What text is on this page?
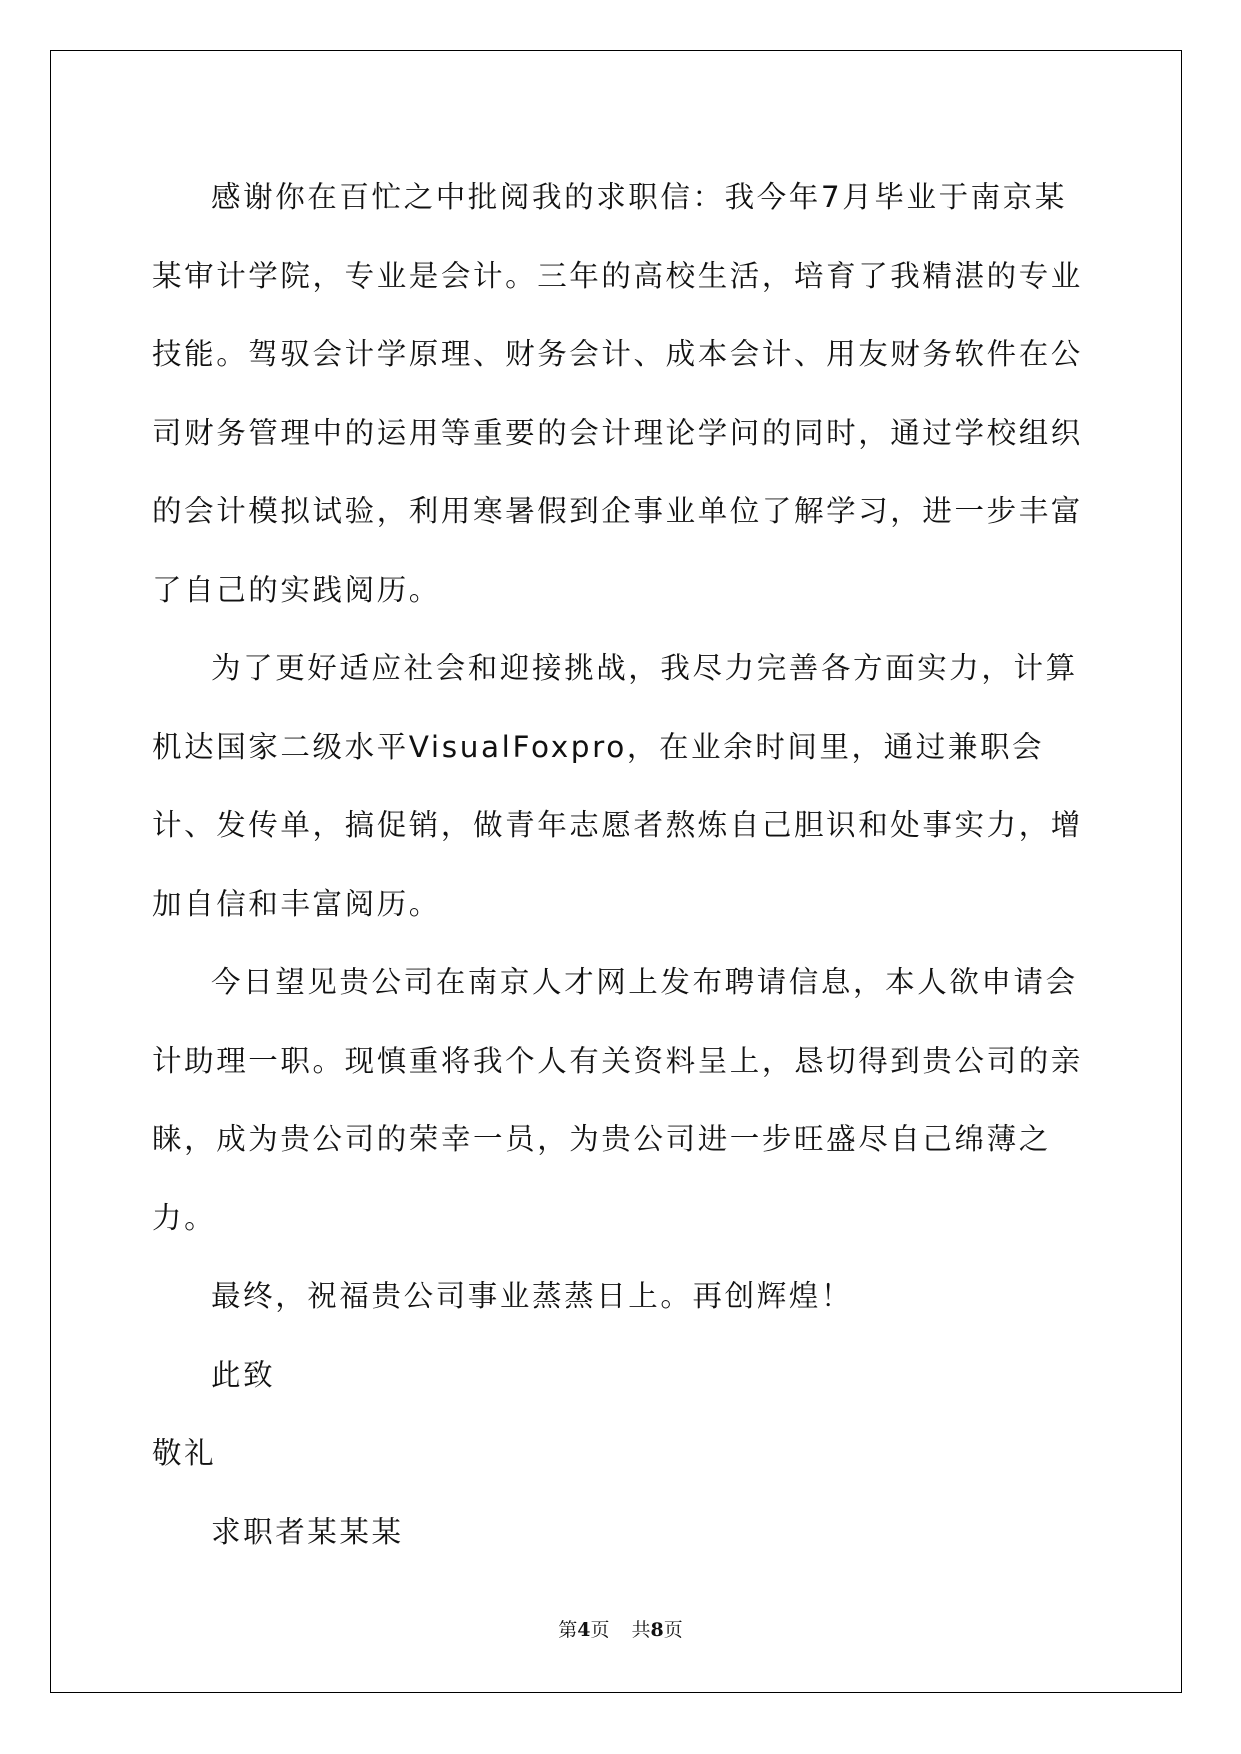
感谢你在百忙之中批阅我的求职信：我今年7月毕业于南京某某审计学院，专业是会计。三年的高校生活，培育了我精湛的专业技能。驾驭会计学原理、财务会计、成本会计、用友财务软件在公司财务管理中的运用等重要的会计理论学问的同时，通过学校组织的会计模拟试验，利用寒暑假到企事业单位了解学习，进一步丰富了自己的实践阅历。

为了更好适应社会和迎接挑战，我尽力完善各方面实力，计算机达国家二级水平VisualFoxpro，在业余时间里，通过兼职会计、发传单，搞促销，做青年志愿者熬炼自己胆识和处事实力，增加自信和丰富阅历。

今日望见贵公司在南京人才网上发布聘请信息，本人欲申请会计助理一职。现慎重将我个人有关资料呈上，恳切得到贵公司的亲睐，成为贵公司的荣幸一员，为贵公司进一步旺盛尽自己绵薄之力。

最终，祝福贵公司事业蒸蒸日上。再创辉煌！

此致

敬礼

求职者某某某

第4页 共8页
